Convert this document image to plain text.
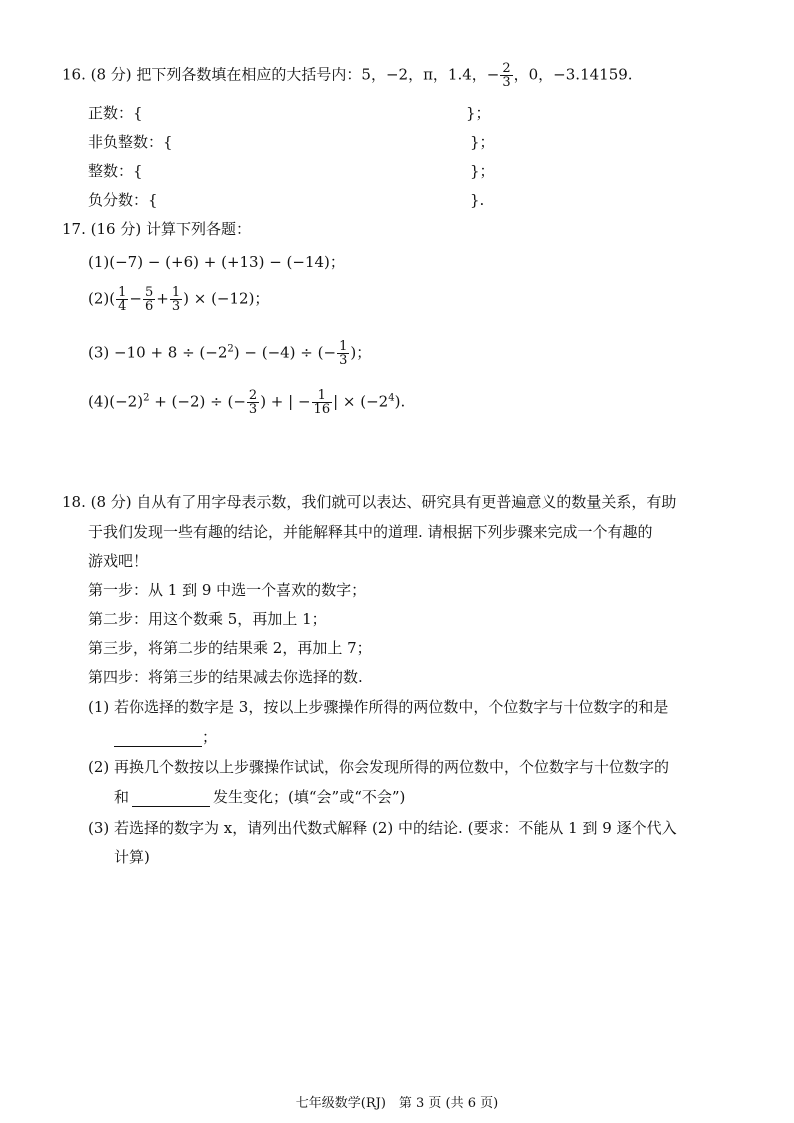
16. (8 分) 把下列各数填在相应的大括号内：5，−2，π，1.4，− $\frac{2}{3}$ ，0，−3.14159.
正数：{	}；
非负整数：{	}；
整数：{	}；
负分数：{	}.
17. (16 分) 计算下列各题：
(1)(−7) − (+6) + (+13) − (−14)；
$(2)( \frac{1}{4} - \frac{5}{6} + \frac{1}{3}$ ) × (−12)；
$(3) -10 + 8 \div (-2^2) - (-4)$ ÷ (− $\frac{1}{3}$ )；
$(4)(-2)^2 + (-2)$ ÷ (− $\frac{2}{3}$ ) + | − $\frac{1}{16}$ | × $(-2^4)$.
18. (8 分) 自从有了用字母表示数，我们就可以表达、研究具有更普遍意义的数量关系，有助
于我们发现一些有趣的结论，并能解释其中的道理. 请根据下列步骤来完成一个有趣的
游戏吧！
第一步：从 1 到 9 中选一个喜欢的数字；
第二步：用这个数乘 5，再加上 1；
第三步，将第二步的结果乘 2，再加上 7；
第四步：将第三步的结果减去你选择的数.
(1) 若你选择的数字是 3，按以上步骤操作所得的两位数中，个位数字与十位数字的和是
；
(2) 再换几个数按以上步骤操作试试，你会发现所得的两位数中，个位数字与十位数字的
和	发生变化；(填“会”或“不会”)
(3) 若选择的数字为 x，请列出代数式解释 (2) 中的结论. (要求：不能从 1 到 9 逐个代入
计算)
七年级数学(RJ)　第 3 页 (共 6 页)
